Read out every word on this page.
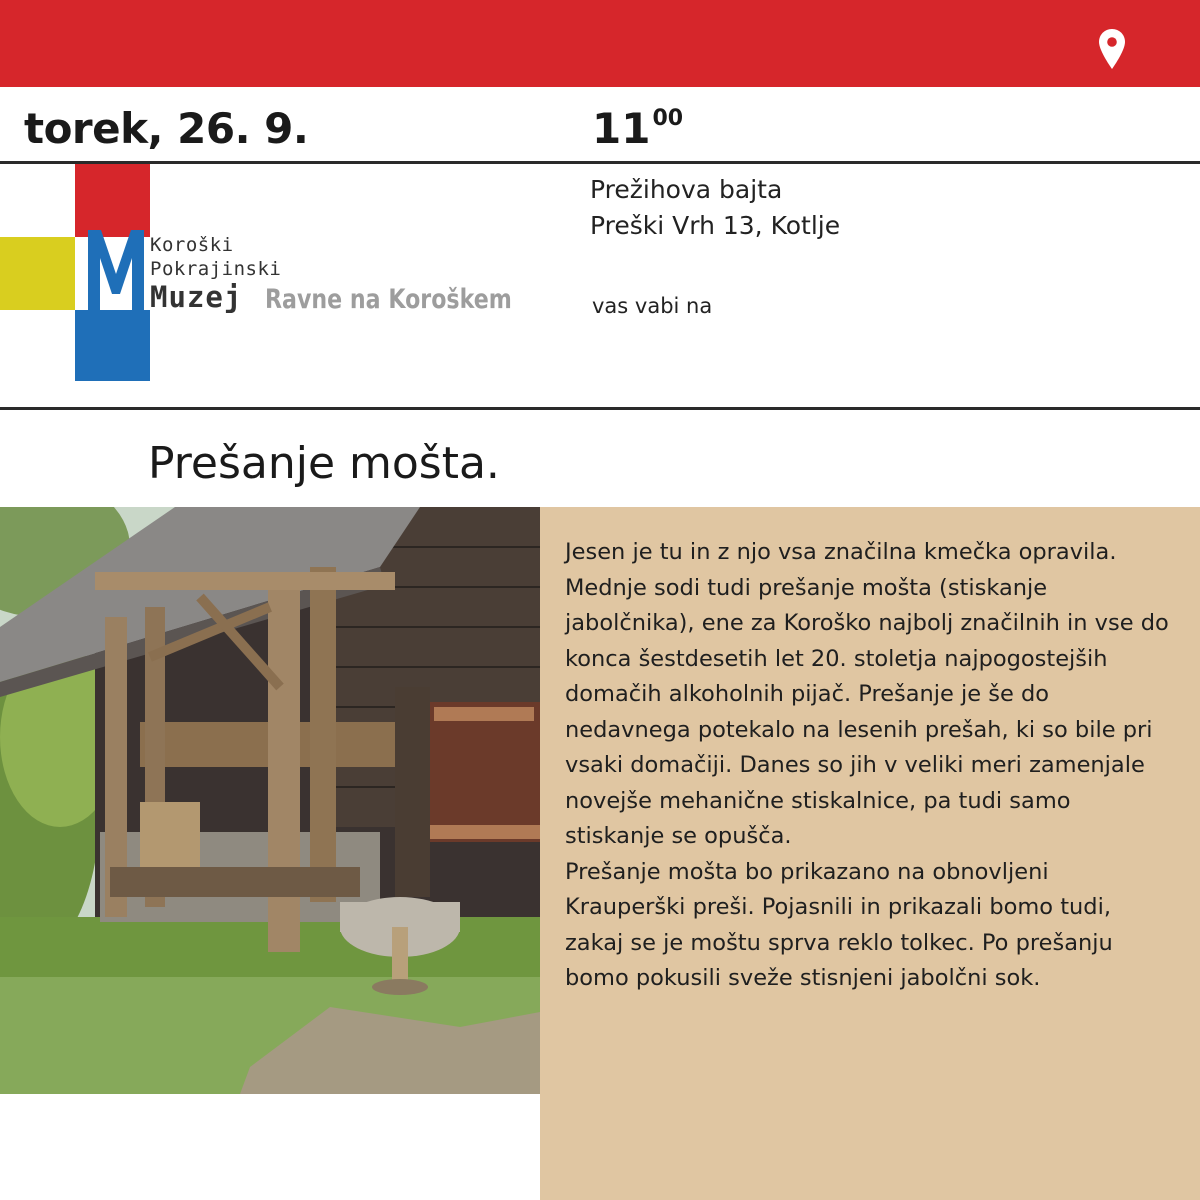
torek, 26. 9.	$11^{00}$
Koroški
Pokrajinski
Muzej Ravne na Koroškem
Prežihova bajta
Preški Vrh 13, Kotlje
vas vabi na
Prešanje mošta.

Jesen je tu in z njo vsa značilna kmečka opravila. Mednje sodi tudi prešanje mošta (stiskanje jabolčnika), ene za Koroško najbolj značilnih in vse do konca šestdesetih let 20. stoletja najpogostejših domačih alkoholnih pijač. Prešanje je še do nedavnega potekalo na lesenih prešah, ki so bile pri vsaki domačiji. Danes so jih v veliki meri zamenjale novejše mehanične stiskalnice, pa tudi samo stiskanje se opušča.

Prešanje mošta bo prikazano na obnovljeni Krauperški preši. Pojasnili in prikazali bomo tudi, zakaj se je moštu sprva reklo tolkec. Po prešanju bomo pokusili sveže stisnjeni jabolčni sok.
